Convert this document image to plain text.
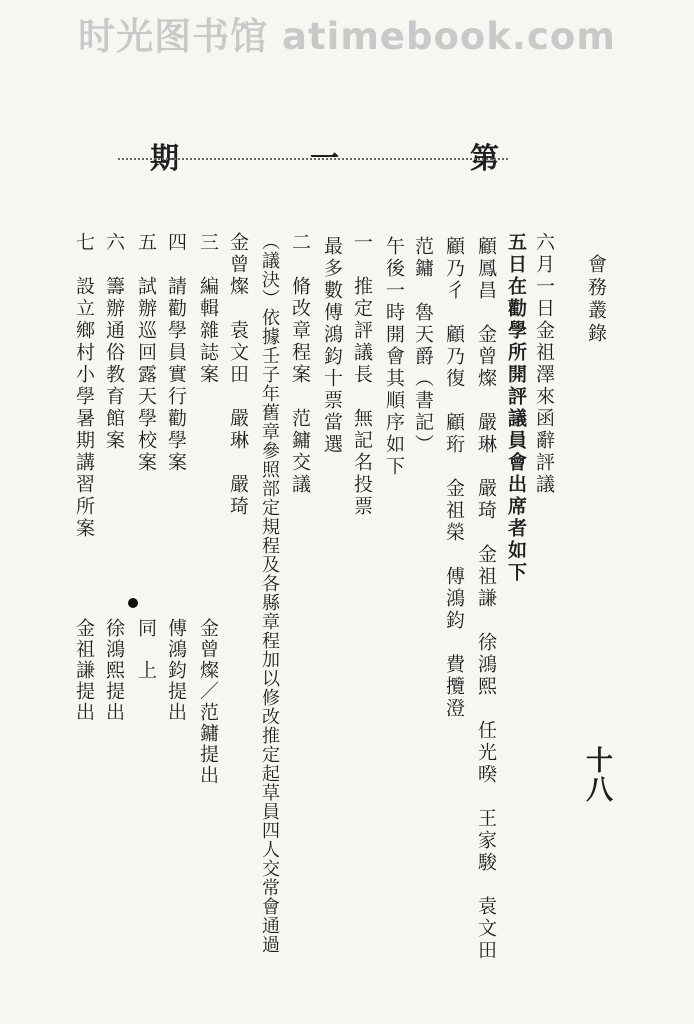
时光图书馆 atimebook.com
十八
會務叢錄
第
一
期
六月一日金祖澤來函辭評議
五日在勸學所開評議員會出席者如下
顧鳳昌　金曾燦　嚴琳　嚴琦　金祖謙　徐鴻熙　任光暌　王家駿　袁文田
顧乃彳　顧乃復　顧珩　金祖榮　傅鴻鈞　費攬澄
范鏞　魯天爵（書記）
午後一時開會其順序如下
一　推定評議長　無記名投票
最多數傅鴻鈞十票當選
二　脩改章程案　范鏞交議
（議決）依據壬子年舊章參照部定規程及各縣章程加以修改推定起草員四人交常會通過
金曾燦　袁文田　嚴琳　嚴琦
三　編輯雜誌案
四　請勸學員實行勸學案
五　試辦巡回露天學校案
六　籌辦通俗教育館案
七　設立鄉村小學暑期講習所案
金曾燦／范鏞提出
傅鴻鈞提出
同　上
徐鴻熙提出
金祖謙提出
